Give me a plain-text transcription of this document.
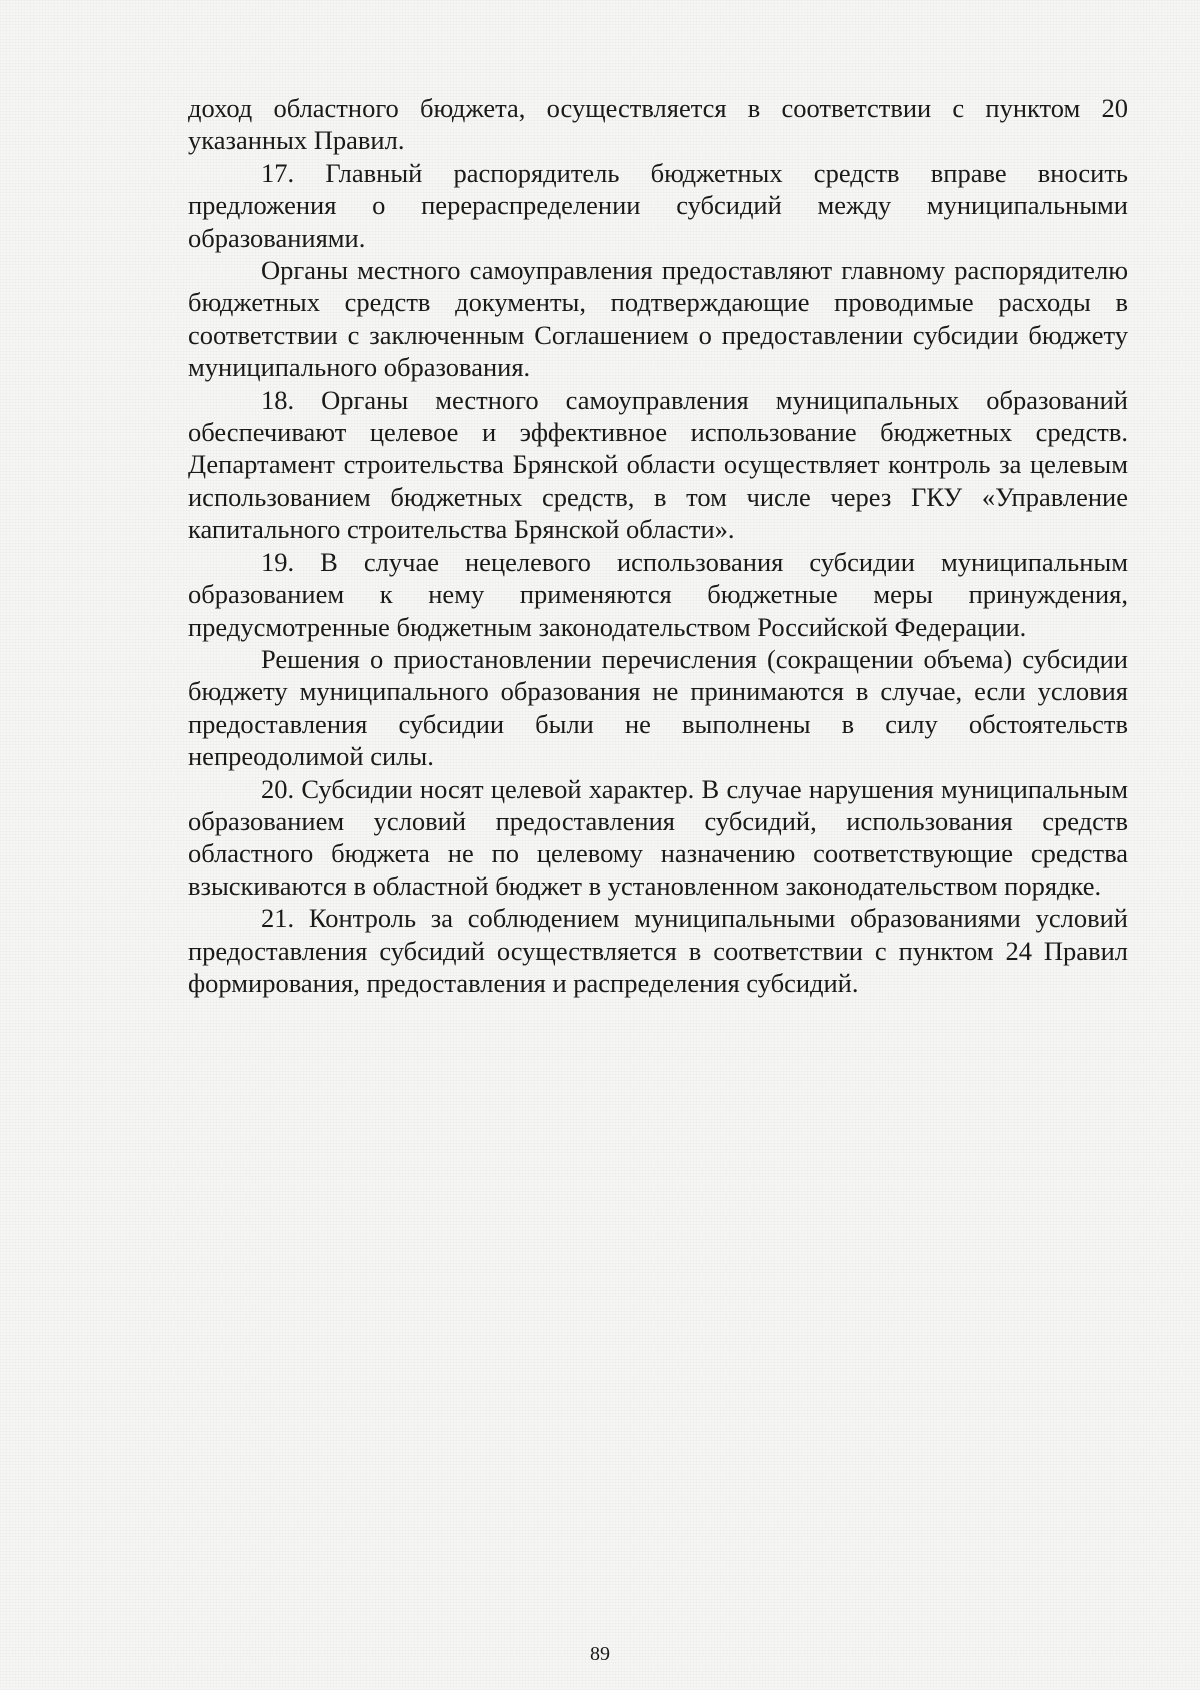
доход областного бюджета, осуществляется в соответствии с пунктом 20 указанных Правил.

17. Главный распорядитель бюджетных средств вправе вносить предложения о перераспределении субсидий между муниципальными образованиями.

Органы местного самоуправления предоставляют главному распорядителю бюджетных средств документы, подтверждающие проводимые расходы в соответствии с заключенным Соглашением о предоставлении субсидии бюджету муниципального образования.

18. Органы местного самоуправления муниципальных образований обеспечивают целевое и эффективное использование бюджетных средств. Департамент строительства Брянской области осуществляет контроль за целевым использованием бюджетных средств, в том числе через ГКУ «Управление капитального строительства Брянской области».

19. В случае нецелевого использования субсидии муниципальным образованием к нему применяются бюджетные меры принуждения, предусмотренные бюджетным законодательством Российской Федерации.

Решения о приостановлении перечисления (сокращении объема) субсидии бюджету муниципального образования не принимаются в случае, если условия предоставления субсидии были не выполнены в силу обстоятельств непреодолимой силы.

20. Субсидии носят целевой характер. В случае нарушения муниципальным образованием условий предоставления субсидий, использования средств областного бюджета не по целевому назначению соответствующие средства взыскиваются в областной бюджет в установленном законодательством порядке.

21. Контроль за соблюдением муниципальными образованиями условий предоставления субсидий осуществляется в соответствии с пунктом 24 Правил формирования, предоставления и распределения субсидий.

89
